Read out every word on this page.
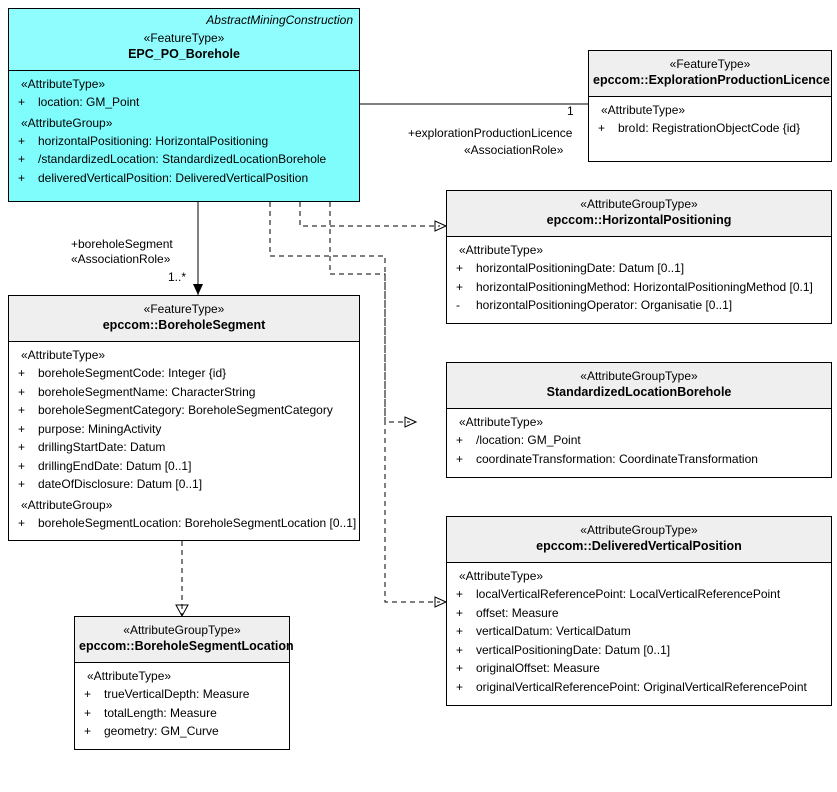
AbstractMiningConstruction
«FeatureType»
EPC_PO_Borehole
«AttributeType»
+	location: GM_Point
«AttributeGroup»
+	horizontalPositioning: HorizontalPositioning
+	/standardizedLocation: StandardizedLocationBorehole
+	deliveredVerticalPosition: DeliveredVerticalPosition
«FeatureType»
epccom::ExplorationProductionLicence
«AttributeType»
+	broId: RegistrationObjectCode {id}
«FeatureType»
epccom::BoreholeSegment
«AttributeType»
+	boreholeSegmentCode: Integer {id}
+	boreholeSegmentName: CharacterString
+	boreholeSegmentCategory: BoreholeSegmentCategory
+	purpose: MiningActivity
+	drillingStartDate: Datum
+	drillingEndDate: Datum [0..1]
+	dateOfDisclosure: Datum [0..1]
«AttributeGroup»
+	boreholeSegmentLocation: BoreholeSegmentLocation [0..1]
«AttributeGroupType»
epccom::HorizontalPositioning
«AttributeType»
+	horizontalPositioningDate: Datum [0..1]
+	horizontalPositioningMethod: HorizontalPositioningMethod [0.1]
-	horizontalPositioningOperator: Organisatie [0..1]
«AttributeGroupType»
StandardizedLocationBorehole
«AttributeType»
+	/location: GM_Point
+	coordinateTransformation: CoordinateTransformation
«AttributeGroupType»
epccom::DeliveredVerticalPosition
«AttributeType»
+	localVerticalReferencePoint: LocalVerticalReferencePoint
+	offset: Measure
+	verticalDatum: VerticalDatum
+	verticalPositioningDate: Datum [0..1]
+	originalOffset: Measure
+	originalVerticalReferencePoint: OriginalVerticalReferencePoint
«AttributeGroupType»
epccom::BoreholeSegmentLocation
«AttributeType»
+	trueVerticalDepth: Measure
+	totalLength: Measure
+	geometry: GM_Curve
+explorationProductionLicence
«AssociationRole»
1
+boreholeSegment
«AssociationRole»
1..*
